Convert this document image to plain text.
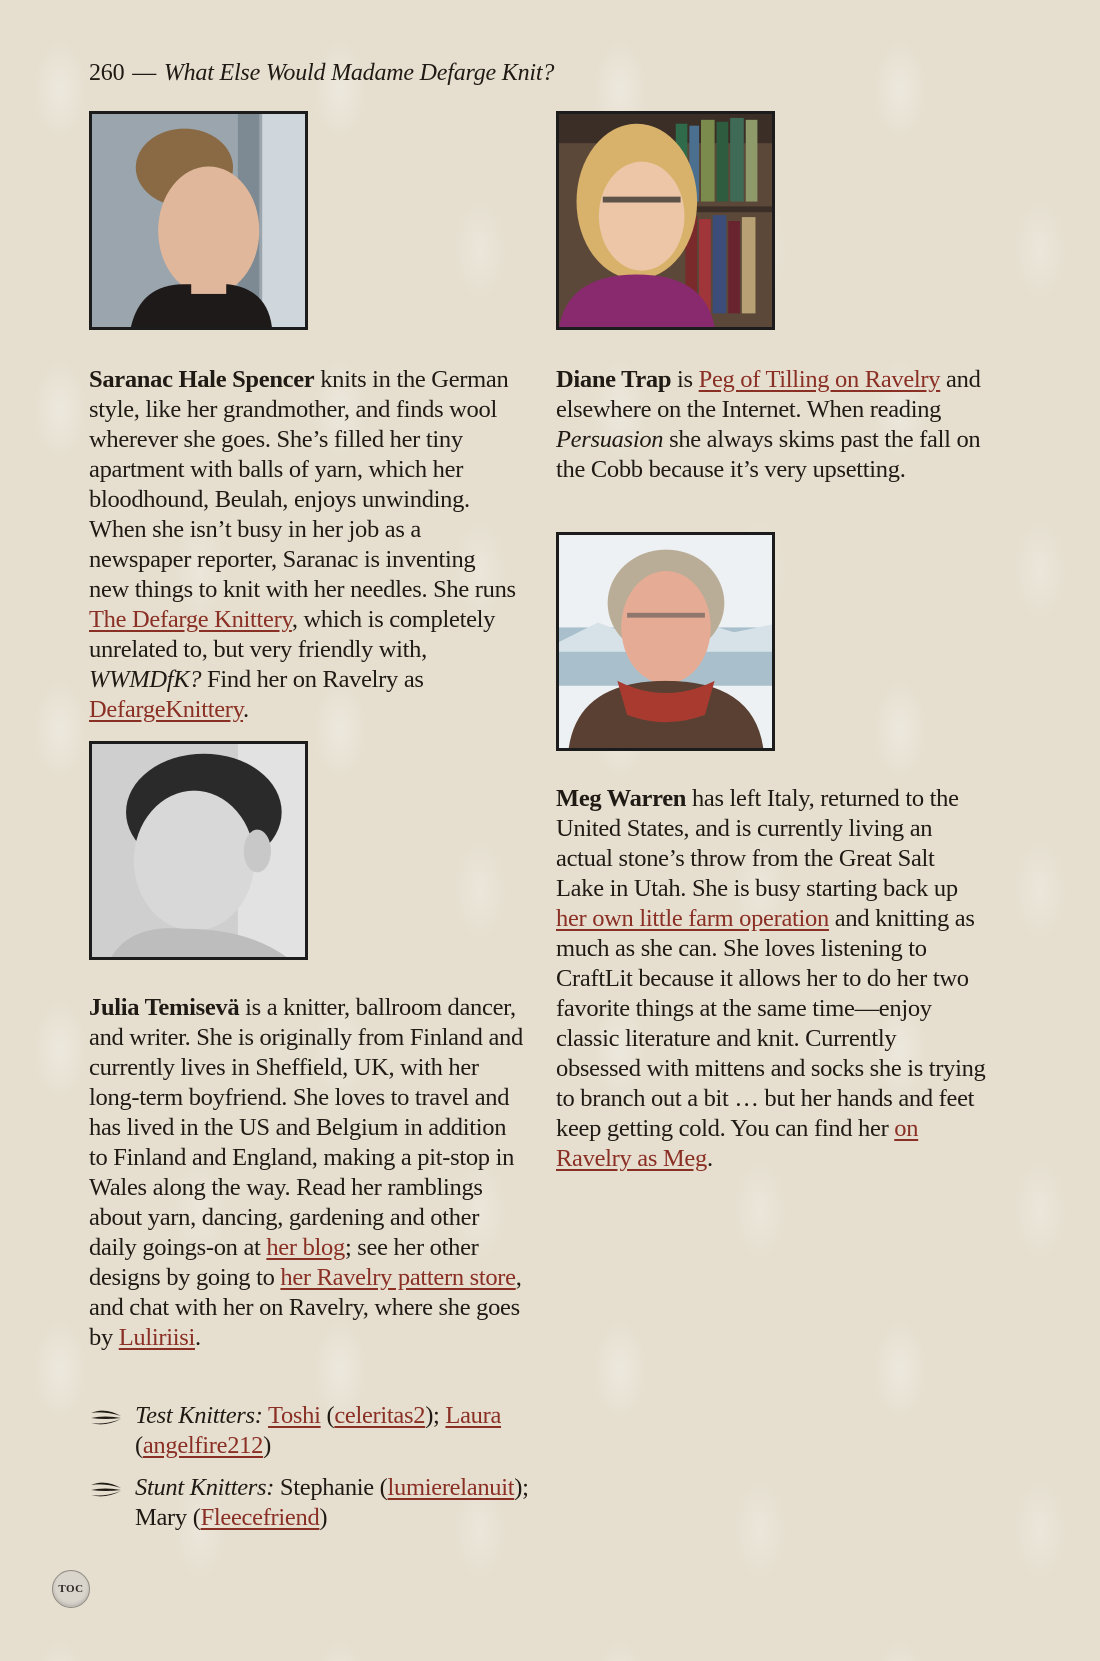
260 — What Else Would Madame Defarge Knit?

Saranac Hale Spencer knits in the German style, like her grandmother, and finds wool wherever she goes. She’s filled her tiny apartment with balls of yarn, which her bloodhound, Beulah, enjoys unwinding. When she isn’t busy in her job as a newspaper reporter, Saranac is inventing new things to knit with her needles. She runs The Defarge Knittery, which is completely unrelated to, but very friendly with, WWMDfK? Find her on Ravelry as DefargeKnittery.

Diane Trap is Peg of Tilling on Ravelry and elsewhere on the Internet. When reading Persuasion she always skims past the fall on the Cobb because it’s very upsetting.

Meg Warren has left Italy, returned to the United States, and is currently living an actual stone’s throw from the Great Salt Lake in Utah. She is busy starting back up her own little farm operation and knitting as much as she can. She loves listening to CraftLit because it allows her to do her two favorite things at the same time—enjoy classic literature and knit. Currently obsessed with mittens and socks she is trying to branch out a bit … but her hands and feet keep getting cold. You can find her on Ravelry as Meg.

Julia Temisevä is a knitter, ballroom dancer, and writer. She is originally from Finland and currently lives in Sheffield, UK, with her long-term boyfriend. She loves to travel and has lived in the US and Belgium in addition to Finland and England, making a pit-stop in Wales along the way. Read her ramblings about yarn, dancing, gardening and other daily goings-on at her blog; see her other designs by going to her Ravelry pattern store, and chat with her on Ravelry, where she goes by Luliriisi.

Test Knitters: Toshi (celeritas2); Laura (angelfire212)
Stunt Knitters: Stephanie (lumierelanuit); Mary (Fleecefriend)
TOC
